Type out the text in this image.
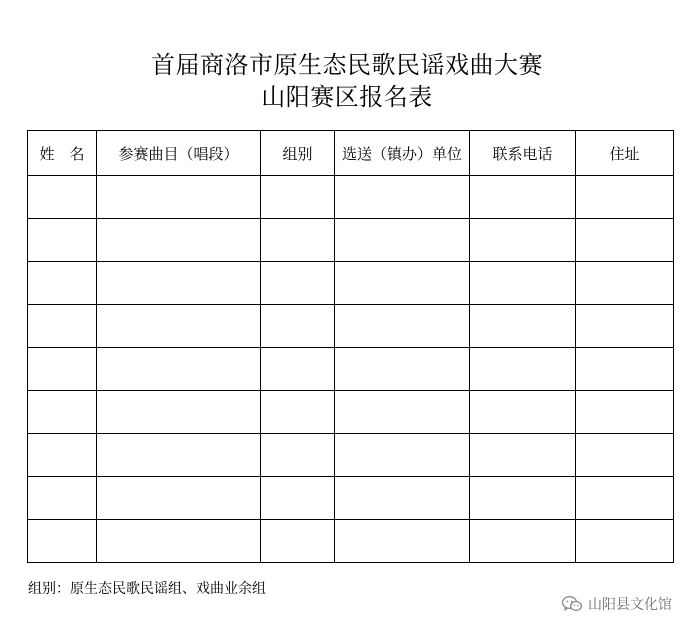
首届商洛市原生态民歌民谣戏曲大赛
山阳赛区报名表
姓　名	参赛曲目（唱段）	组别	选送（镇办）单位	联系电话	住址

组别：原生态民歌民谣组、戏曲业余组
山阳县文化馆
